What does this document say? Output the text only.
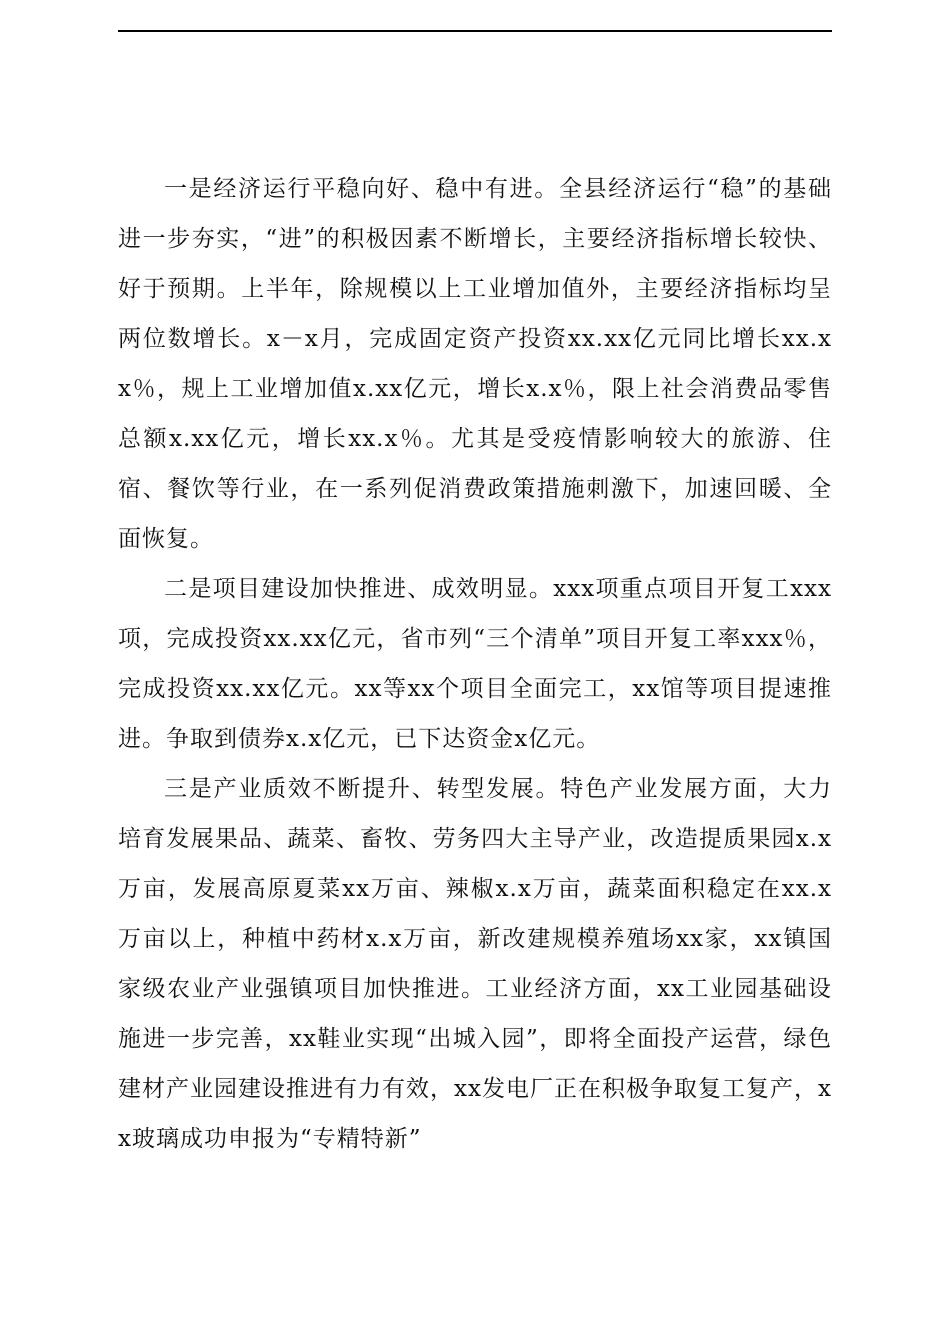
一是经济运行平稳向好、稳中有进。全县经济运行“稳”的基础进一步夯实，“进”的积极因素不断增长，主要经济指标增长较快、好于预期。上半年，除规模以上工业增加值外，主要经济指标均呈两位数增长。x－x月，完成固定资产投资xx.xx亿元同比增长xx.xx％，规上工业增加值x.xx亿元，增长x.x％，限上社会消费品零售总额x.xx亿元，增长xx.x％。尤其是受疫情影响较大的旅游、住宿、餐饮等行业，在一系列促消费政策措施刺激下，加速回暖、全面恢复。

二是项目建设加快推进、成效明显。xxx项重点项目开复工xxx项，完成投资xx.xx亿元，省市列“三个清单”项目开复工率xxx％，完成投资xx.xx亿元。xx等xx个项目全面完工，xx馆等项目提速推进。争取到债券x.x亿元，已下达资金x亿元。

三是产业质效不断提升、转型发展。特色产业发展方面，大力培育发展果品、蔬菜、畜牧、劳务四大主导产业，改造提质果园x.x万亩，发展高原夏菜xx万亩、辣椒x.x万亩，蔬菜面积稳定在xx.x万亩以上，种植中药材x.x万亩，新改建规模养殖场xx家，xx镇国家级农业产业强镇项目加快推进。工业经济方面，xx工业园基础设施进一步完善，xx鞋业实现“出城入园”，即将全面投产运营，绿色建材产业园建设推进有力有效，xx发电厂正在积极争取复工复产，xx玻璃成功申报为“专精特新”
